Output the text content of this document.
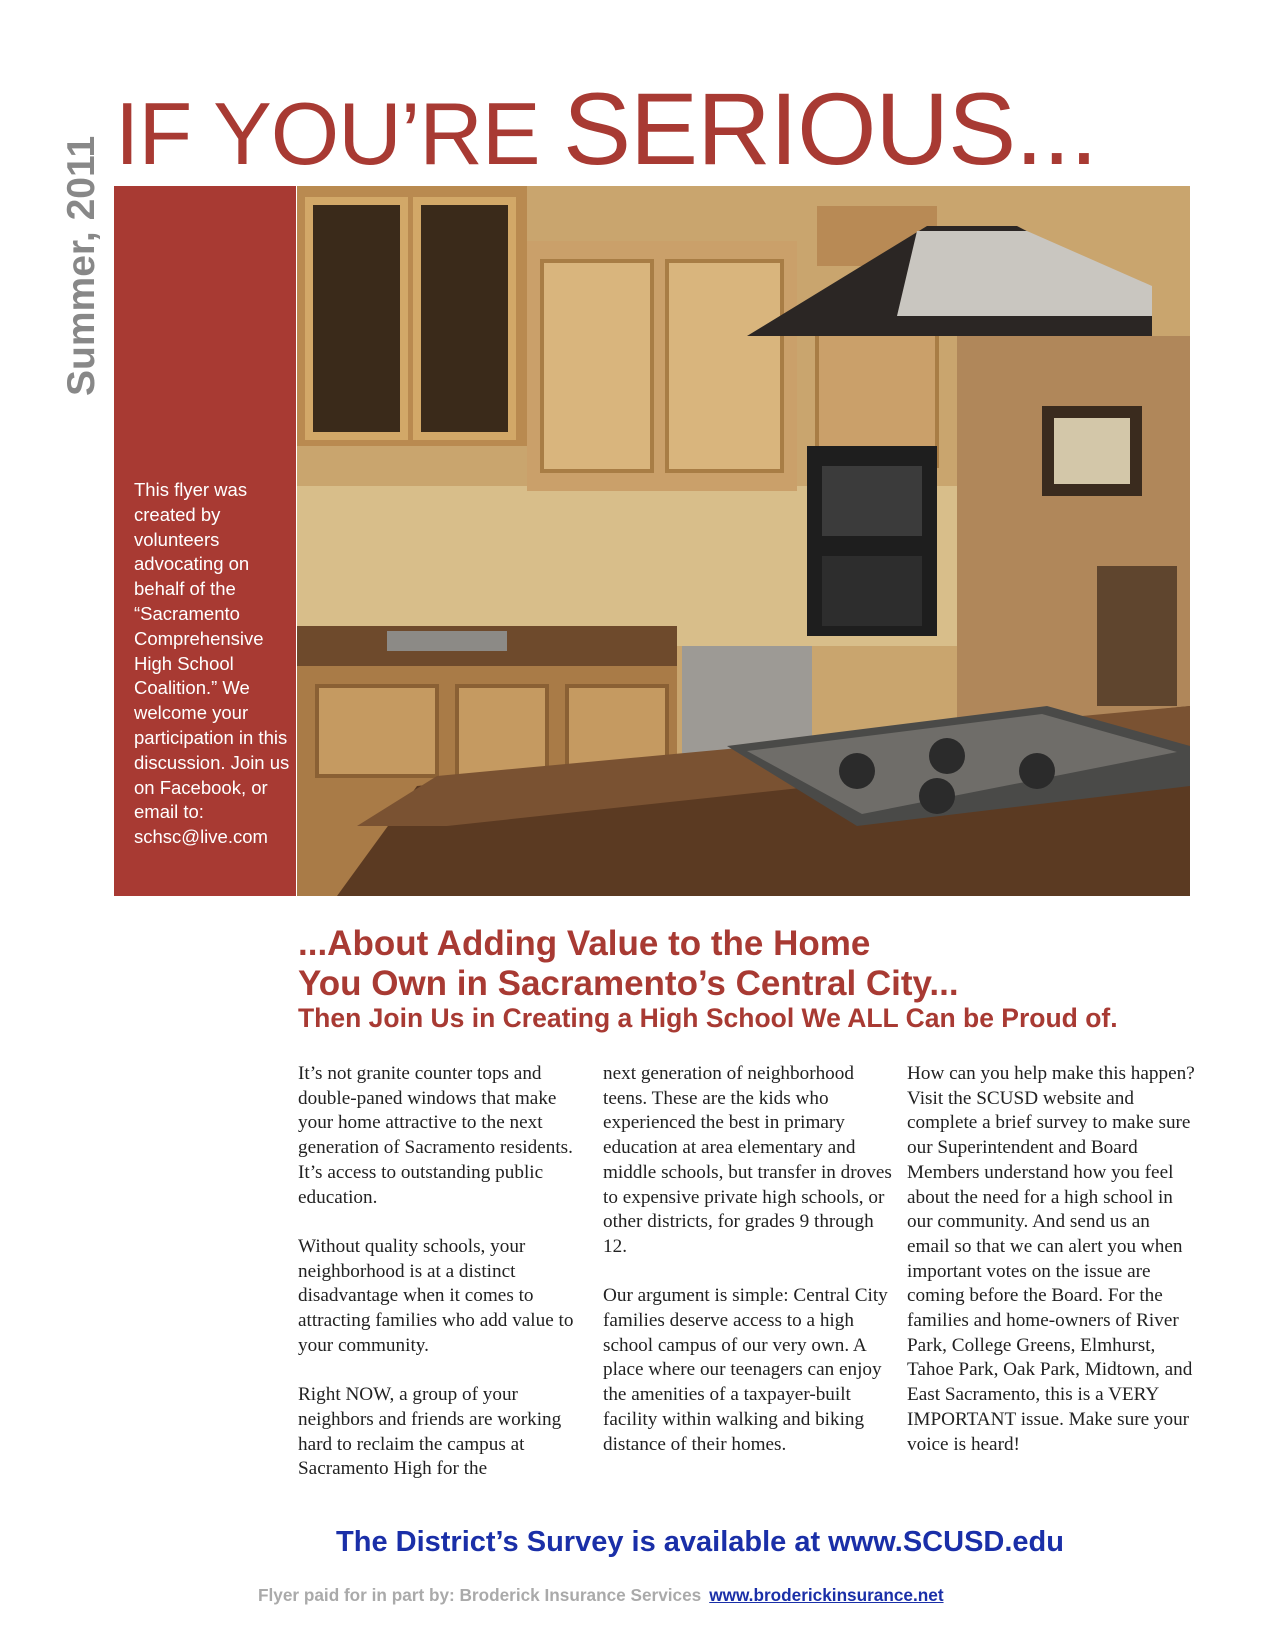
IF YOU’RE SERIOUS...
Summer, 2011
This flyer was created by volunteers advocating on behalf of the “Sacramento Comprehensive High School Coalition.” We welcome your participation in this discussion. Join us on Facebook, or email to: schsc@live.com
...About Adding Value to the Home
You Own in Sacramento’s Central City...
Then Join Us in Creating a High School We ALL Can be Proud of.

It’s not granite counter tops and double-paned windows that make your home attractive to the next generation of Sacramento residents. It’s access to outstanding public education.

Without quality schools, your neighborhood is at a distinct disadvantage when it comes to attracting families who add value to your community.

Right NOW, a group of your neighbors and friends are working hard to reclaim the campus at Sacramento High for the

next generation of neighborhood teens. These are the kids who experienced the best in primary education at area elementary and middle schools, but transfer in droves to expensive private high schools, or other districts, for grades 9 through 12.

Our argument is simple: Central City families deserve access to a high school campus of our very own. A place where our teenagers can enjoy the amenities of a taxpayer-built facility within walking and biking distance of their homes.

How can you help make this happen? Visit the SCUSD website and complete a brief survey to make sure our Superintendent and Board Members understand how you feel about the need for a high school in our community. And send us an email so that we can alert you when important votes on the issue are coming before the Board. For the families and home-owners of River Park, College Greens, Elmhurst, Tahoe Park, Oak Park, Midtown, and East Sacramento, this is a VERY IMPORTANT issue. Make sure your voice is heard!

The District’s Survey is available at www.SCUSD.edu
Flyer paid for in part by: Broderick Insurance Services www.broderickinsurance.net
